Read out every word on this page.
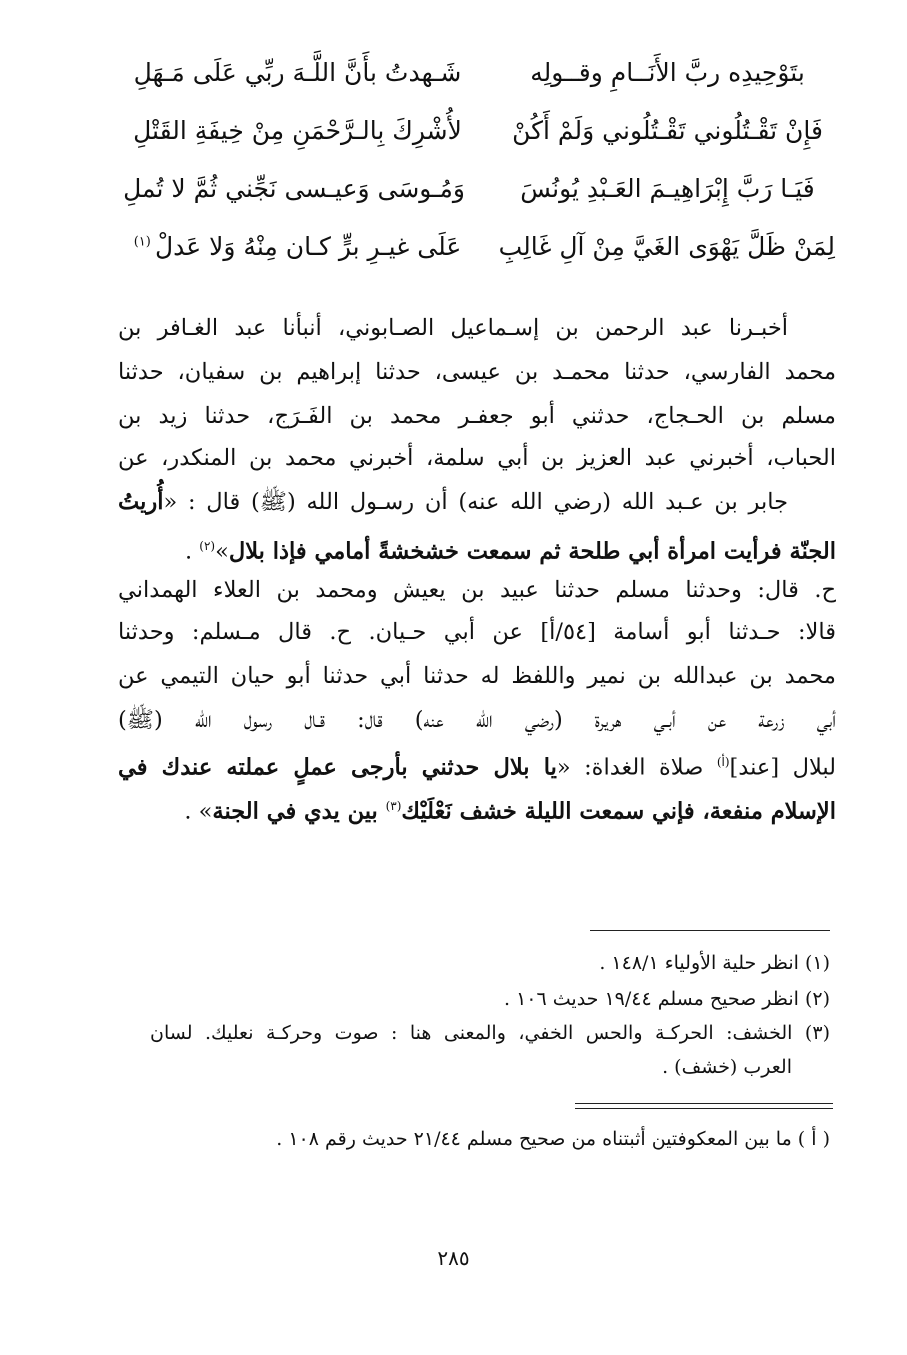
بتَوْحِيدِه ربَّ الأَنَــامِ وقــولِه
شَـهدتُ بأَنَّ اللَّـهَ ربِّي عَلَى مَـهَلِ
فَإِنْ تَقْـتُلُوني تَقْـتُلُوني وَلَمْ أَكُنْ
لأُشْرِكَ بِالـرَّحْمَنِ مِنْ خِيفَةِ القَتْلِ
فَيَـا رَبَّ إِبْرَاهِيـمَ العَـبْدِ يُونُسَ
وَمُـوسَى وَعيـسى نَجِّني ثُمَّ لا تُملِ
لِمَنْ ظَلَّ يَهْوَى الغَيَّ مِنْ آلِ غَالِبِ
عَلَى غيـرِ برٍّ كـان مِنْهُ وَلا عَدلْ $^{(١)}$
أخبـرنا عبد الرحمن بن إسـماعيل الصـابوني، أنبأنا عبد الغـافر بن
محمد الفارسي، حدثنا محمـد بن عيسى، حدثنا إبراهيم بن سفيان، حدثنا
مسلم بن الحـجاج، حدثني أبو جعفـر محمد بن الفَـرَج، حدثنا زيد بن
الحباب، أخبرني عبد العزيز بن أبي سلمة، أخبرني محمد بن المنكدر، عن
جابر بن عـبد الله (رضي الله عنه) أن رسـول الله (ﷺ) قال : «أُريتُ
الجنّة فرأيت امرأة أبي طلحة ثم سمعت خشخشةً أمامي فإذا بلال»$^{(٢)}$ .
ح. قال: وحدثنا مسلم حدثنا عبيد بن يعيش ومحمد بن العلاء الهمداني
قالا: حـدثنا أبو أسامة [٥٤/أ] عن أبي حـيان. ح. قال مـسلم: وحدثنا
محمد بن عبدالله بن نمير واللفظ له حدثنا أبي حدثنا أبو حيان التيمي عن
أبي زرعة عن أبـي هريرة (رضي الله عنه) قال: قـال رسول الله (ﷺ)
لبلال [عند]$^{(أ)}$ صلاة الغداة: «يا بلال حدثني بأرجى عملٍ عملته عندك في
الإسلام منفعة، فإني سمعت الليلة خشف نَعْلَيْك$^{(٣)}$ بين يدي في الجنة» .
(١) انظر حلية الأولياء ١٤٨/١ .
(٢) انظر صحيح مسلم ١٩/٤٤ حديث ١٠٦ .
(٣) الخشف: الحركـة والحس الخفي، والمعنى هنا : صوت وحركـة نعليك. لسان
العرب (خشف) .
( أ ) ما بين المعكوفتين أثبتناه من صحيح مسلم ٢١/٤٤ حديث رقم ١٠٨ .
٢٨٥
